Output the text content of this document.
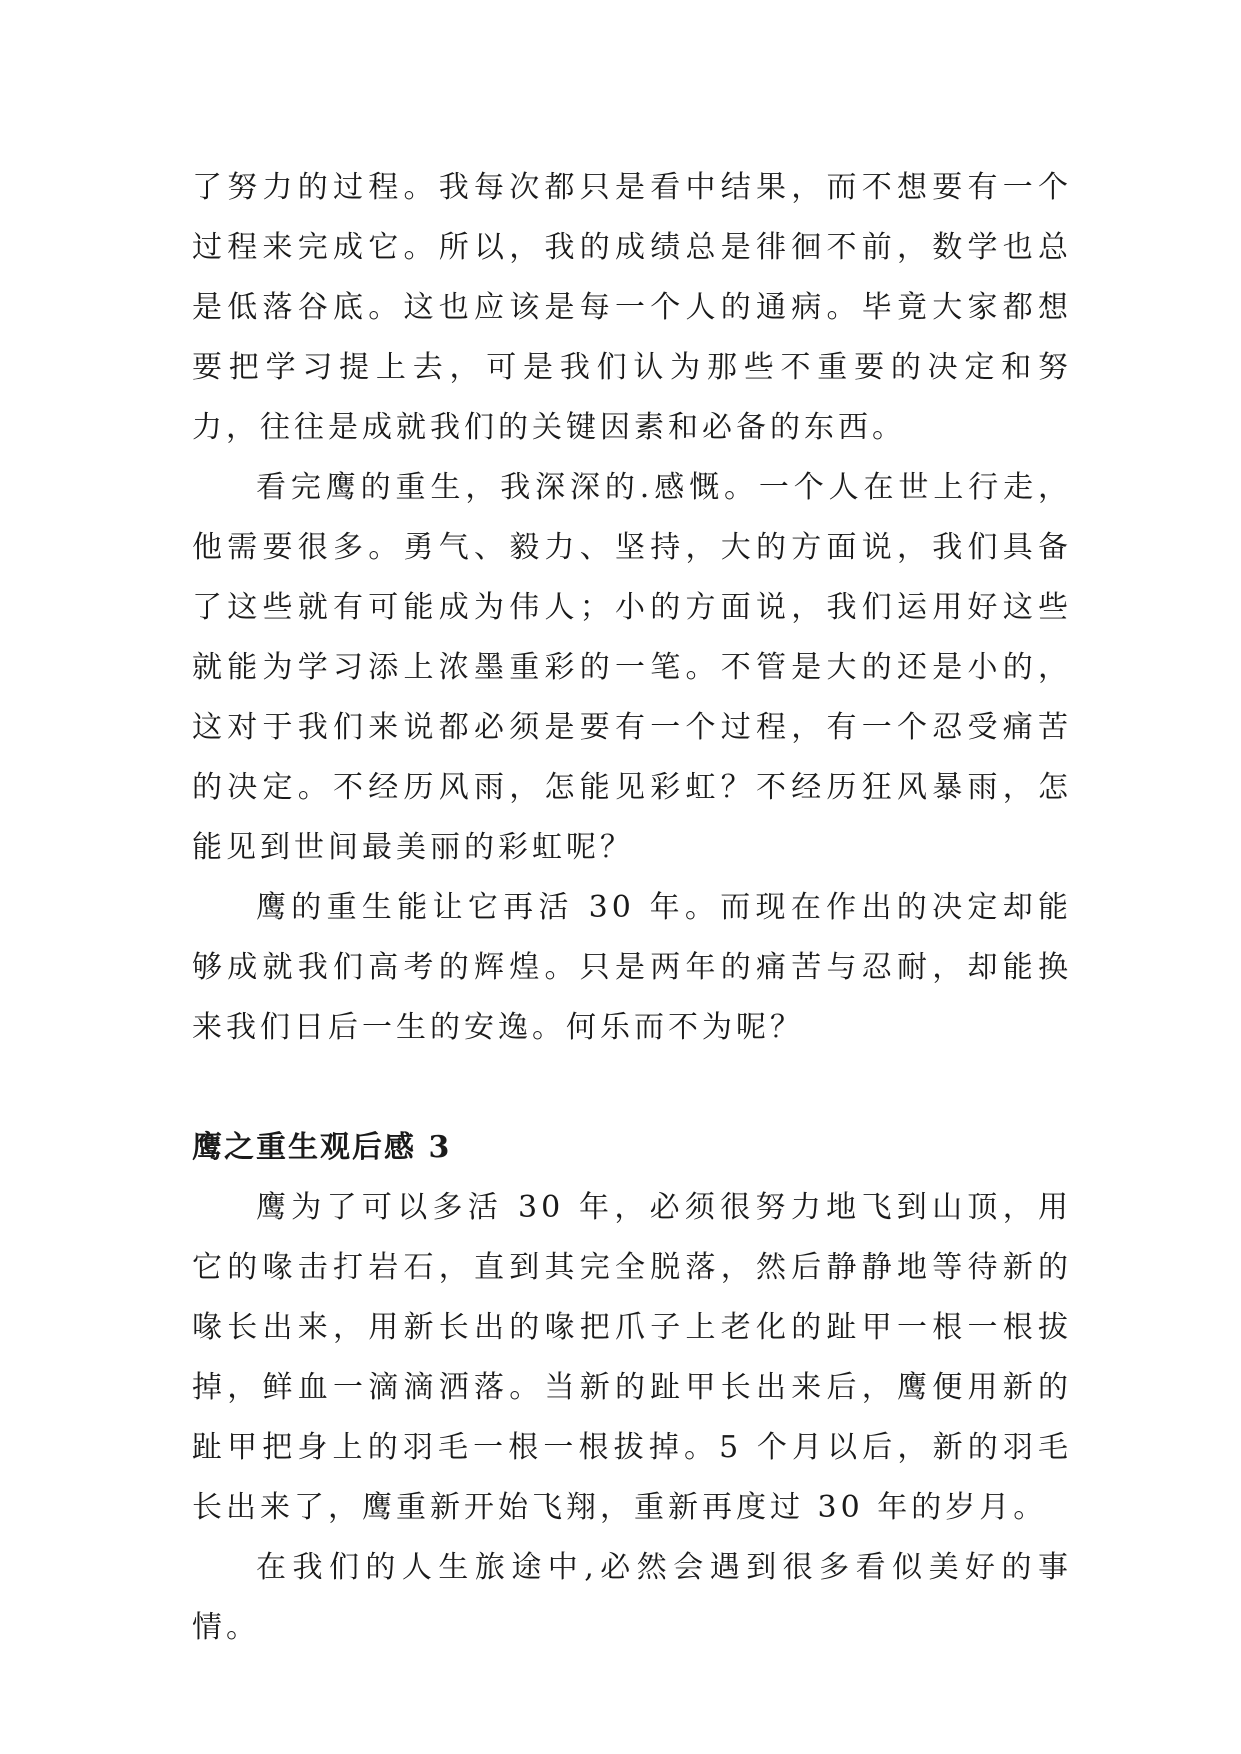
了努力的过程。我每次都只是看中结果，而不想要有一个过程来完成它。所以，我的成绩总是徘徊不前，数学也总是低落谷底。这也应该是每一个人的通病。毕竟大家都想要把学习提上去，可是我们认为那些不重要的决定和努力，往往是成就我们的关键因素和必备的东西。

看完鹰的重生，我深深的.感慨。一个人在世上行走，他需要很多。勇气、毅力、坚持，大的方面说，我们具备了这些就有可能成为伟人；小的方面说，我们运用好这些就能为学习添上浓墨重彩的一笔。不管是大的还是小的，这对于我们来说都必须是要有一个过程，有一个忍受痛苦的决定。不经历风雨，怎能见彩虹？不经历狂风暴雨，怎能见到世间最美丽的彩虹呢？

鹰的重生能让它再活 30 年。而现在作出的决定却能够成就我们高考的辉煌。只是两年的痛苦与忍耐，却能换来我们日后一生的安逸。何乐而不为呢？

鹰之重生观后感 3

鹰为了可以多活 30 年，必须很努力地飞到山顶，用它的喙击打岩石，直到其完全脱落，然后静静地等待新的喙长出来，用新长出的喙把爪子上老化的趾甲一根一根拔掉，鲜血一滴滴洒落。当新的趾甲长出来后，鹰便用新的趾甲把身上的羽毛一根一根拔掉。5 个月以后，新的羽毛长出来了，鹰重新开始飞翔，重新再度过 30 年的岁月。

在我们的人生旅途中,必然会遇到很多看似美好的事情。
